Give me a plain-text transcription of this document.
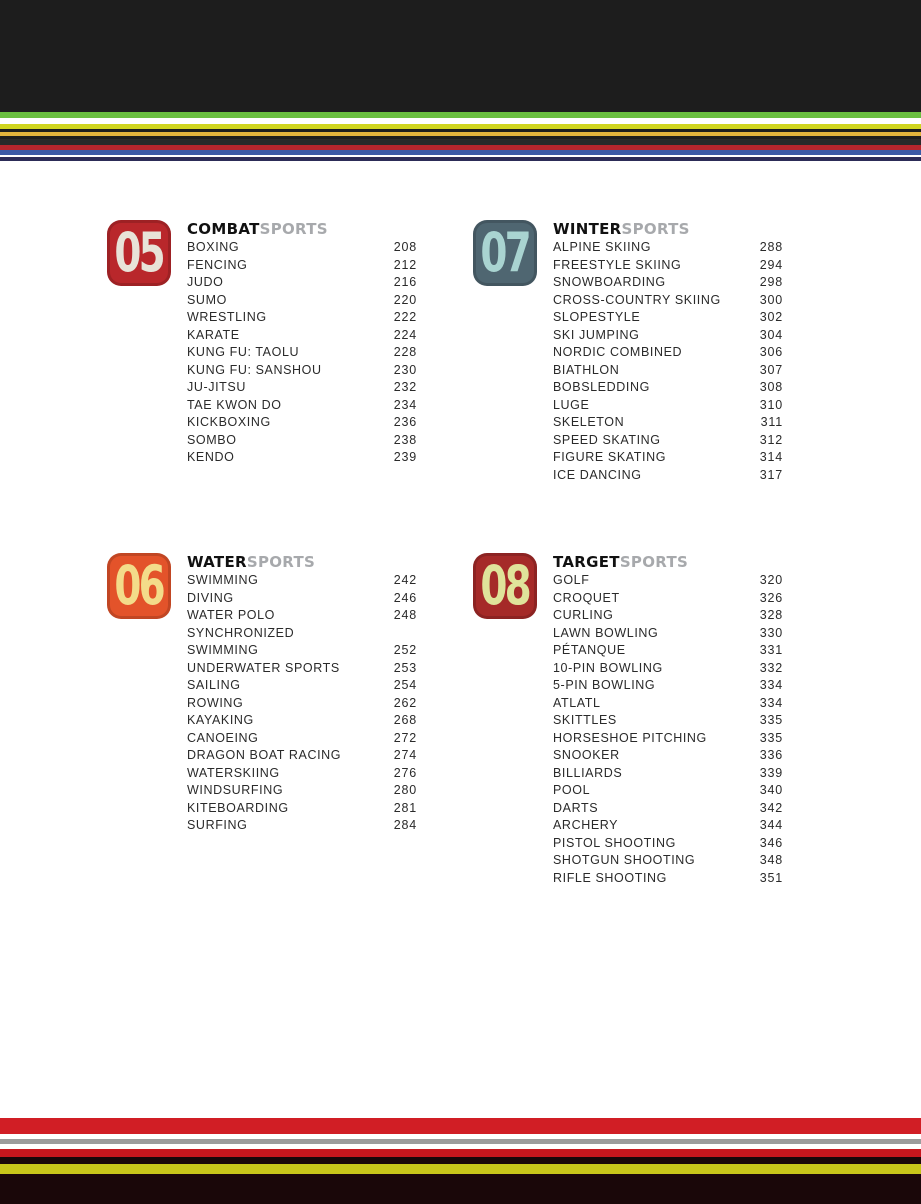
05 COMBATSPORTS
BOXING	208
FENCING	212
JUDO	216
SUMO	220
WRESTLING	222
KARATE	224
KUNG FU: TAOLU	228
KUNG FU: SANSHOU	230
JU-JITSU	232
TAE KWON DO	234
KICKBOXING	236
SOMBO	238
KENDO	239
07 WINTERSPORTS
ALPINE SKIING	288
FREESTYLE SKIING	294
SNOWBOARDING	298
CROSS-COUNTRY SKIING	300
SLOPESTYLE	302
SKI JUMPING	304
NORDIC COMBINED	306
BIATHLON	307
BOBSLEDDING	308
LUGE	310
SKELETON	311
SPEED SKATING	312
FIGURE SKATING	314
ICE DANCING	317
06 WATERSPORTS
SWIMMING	242
DIVING	246
WATER POLO	248
SYNCHRONIZED
SWIMMING	252
UNDERWATER SPORTS	253
SAILING	254
ROWING	262
KAYAKING	268
CANOEING	272
DRAGON BOAT RACING	274
WATERSKIING	276
WINDSURFING	280
KITEBOARDING	281
SURFING	284
08 TARGETSPORTS
GOLF	320
CROQUET	326
CURLING	328
LAWN BOWLING	330
PÉTANQUE	331
10-PIN BOWLING	332
5-PIN BOWLING	334
ATLATL	334
SKITTLES	335
HORSESHOE PITCHING	335
SNOOKER	336
BILLIARDS	339
POOL	340
DARTS	342
ARCHERY	344
PISTOL SHOOTING	346
SHOTGUN SHOOTING	348
RIFLE SHOOTING	351
